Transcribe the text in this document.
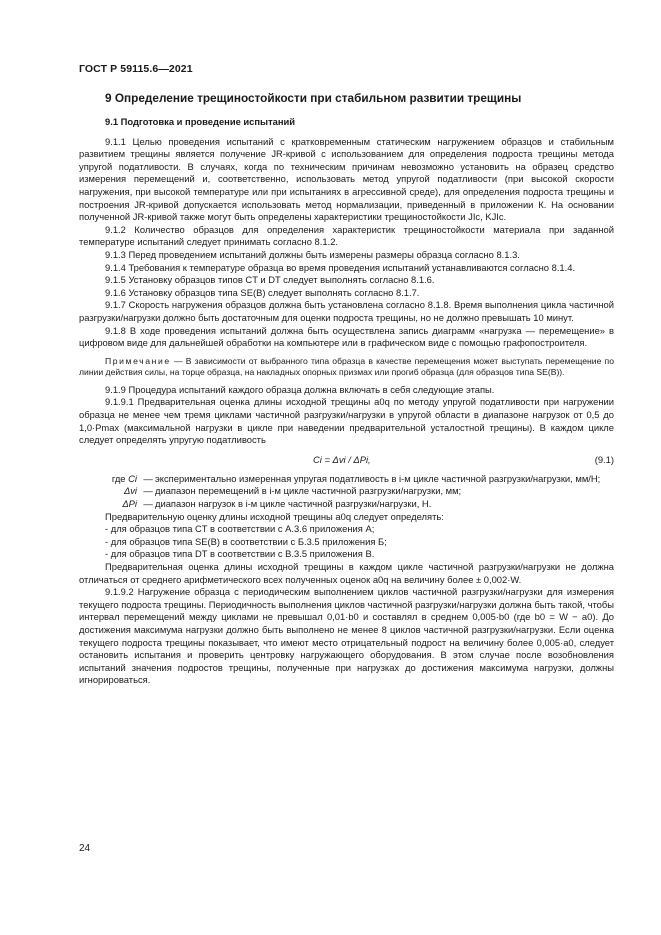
ГОСТ Р 59115.6—2021
9 Определение трещиностойкости при стабильном развитии трещины
9.1 Подготовка и проведение испытаний

9.1.1 Целью проведения испытаний с кратковременным статическим нагружением образцов и стабильным развитием трещины является получение JR-кривой с использованием для определения подроста трещины метода упругой податливости. В случаях, когда по техническим причинам невозможно установить на образец средство измерения перемещений и, соответственно, использовать метод упругой податливости (при высокой скорости нагружения, при высокой температуре или при испытаниях в агрессивной среде), для определения подроста трещины и построения JR-кривой допускается использовать метод нормализации, приведенный в приложении К. На основании полученной JR-кривой также могут быть определены характеристики трещиностойкости JIc, KJIc.

9.1.2 Количество образцов для определения характеристик трещиностойкости материала при заданной температуре испытаний следует принимать согласно 8.1.2.

9.1.3 Перед проведением испытаний должны быть измерены размеры образца согласно 8.1.3.

9.1.4 Требования к температуре образца во время проведения испытаний устанавливаются согласно 8.1.4.

9.1.5 Установку образцов типов CT и DT следует выполнять согласно 8.1.6.

9.1.6 Установку образцов типа SE(B) следует выполнять согласно 8.1.7.

9.1.7 Скорость нагружения образцов должна быть установлена согласно 8.1.8. Время выполнения цикла частичной разгрузки/нагрузки должно быть достаточным для оценки подроста трещины, но не должно превышать 10 минут.

9.1.8 В ходе проведения испытаний должна быть осуществлена запись диаграмм «нагрузка — перемещение» в цифровом виде для дальнейшей обработки на компьютере или в графическом виде с помощью графопостроителя.

Примечание — В зависимости от выбранного типа образца в качестве перемещения может выступать перемещение по линии действия силы, на торце образца, на накладных опорных призмах или прогиб образца (для образцов типа SE(B)).

9.1.9 Процедура испытаний каждого образца должна включать в себя следующие этапы.

9.1.9.1 Предварительная оценка длины исходной трещины a0q по методу упругой податливости при нагружении образца не менее чем тремя циклами частичной разгрузки/нагрузки в упругой области в диапазоне нагрузок от 0,5 до 1,0·Pmax (максимальной нагрузки в цикле при наведении предварительной усталостной трещины). В каждом цикле следует определять упругую податливость

Ci = Δvi / ΔPi,	(9.1)
где Ci — экспериментально измеренная упругая податливость в i-м цикле частичной разгрузки/нагрузки, мм/Н;
Δvi — диапазон перемещений в i-м цикле частичной разгрузки/нагрузки, мм;
ΔPi — диапазон нагрузок в i-м цикле частичной разгрузки/нагрузки, Н.

Предварительную оценку длины исходной трещины a0q следует определять:

- для образцов типа CT в соответствии с А.3.6 приложения А;

- для образцов типа SE(B) в соответствии с Б.3.5 приложения Б;

- для образцов типа DT в соответствии с В.3.5 приложения В.

Предварительная оценка длины исходной трещины в каждом цикле частичной разгрузки/нагрузки не должна отличаться от среднего арифметического всех полученных оценок a0q на величину более ± 0,002·W.

9.1.9.2 Нагружение образца с периодическим выполнением циклов частичной разгрузки/нагрузки для измерения текущего подроста трещины. Периодичность выполнения циклов частичной разгрузки/нагрузки должна быть такой, чтобы интервал перемещений между циклами не превышал 0,01·b0 и составлял в среднем 0,005·b0 (где b0 = W − a0). До достижения максимума нагрузки должно быть выполнено не менее 8 циклов частичной разгрузки/нагрузки. Если оценка текущего подроста трещины показывает, что имеют место отрицательный подрост на величину более 0,005·a0, следует остановить испытания и проверить центровку нагружающего оборудования. В этом случае после возобновления испытаний значения подростов трещины, полученные при нагрузках до достижения максимума нагрузки, должны игнорироваться.

24
